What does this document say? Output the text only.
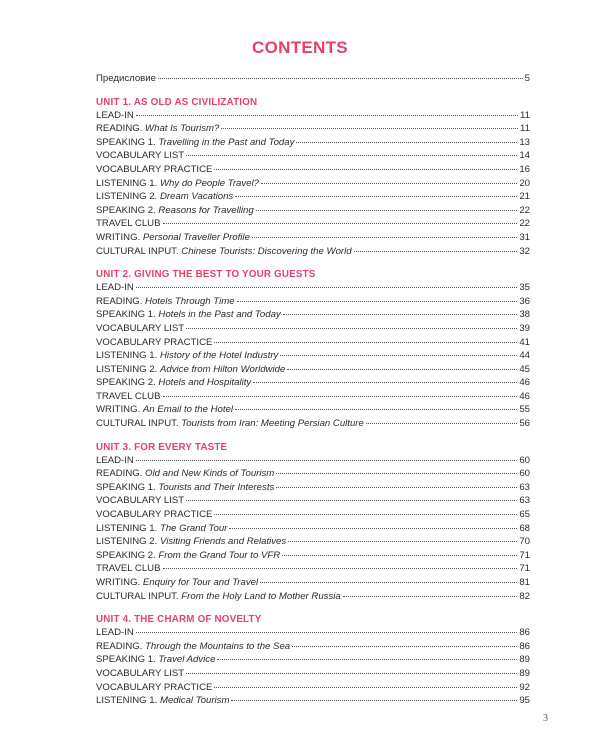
CONTENTS
Предисловие	5
UNIT 1. AS OLD AS CIVILIZATION
LEAD-IN	11
READING. What Is Tourism?	11
SPEAKING 1. Travelling in the Past and Today	13
VOCABULARY LIST	14
VOCABULARY PRACTICE	16
LISTENING 1. Why do People Travel?	20
LISTENING 2. Dream Vacations	21
SPEAKING 2. Reasons for Travelling	22
TRAVEL CLUB	22
WRITING. Personal Traveller Profile	31
CULTURAL INPUT. Chinese Tourists: Discovering the World	32
UNIT 2. GIVING THE BEST TO YOUR GUESTS
LEAD-IN	35
READING. Hotels Through Time	36
SPEAKING 1. Hotels in the Past and Today	38
VOCABULARY LIST	39
VOCABULARY PRACTICE	41
LISTENING 1. History of the Hotel Industry	44
LISTENING 2. Advice from Hilton Worldwide	45
SPEAKING 2. Hotels and Hospitality	46
TRAVEL CLUB	46
WRITING. An Email to the Hotel	55
CULTURAL INPUT. Tourists from Iran: Meeting Persian Culture	56
UNIT 3. FOR EVERY TASTE
LEAD-IN	60
READING. Old and New Kinds of Tourism	60
SPEAKING 1. Tourists and Their Interests	63
VOCABULARY LIST	63
VOCABULARY PRACTICE	65
LISTENING 1. The Grand Tour	68
LISTENING 2. Visiting Friends and Relatives	70
SPEAKING 2. From the Grand Tour to VFR	71
TRAVEL CLUB	71
WRITING. Enquiry for Tour and Travel	81
CULTURAL INPUT. From the Holy Land to Mother Russia	82
UNIT 4. THE CHARM OF NOVELTY
LEAD-IN	86
READING. Through the Mountains to the Sea	86
SPEAKING 1. Travel Advice	89
VOCABULARY LIST	89
VOCABULARY PRACTICE	92
LISTENING 1. Medical Tourism	95
3
